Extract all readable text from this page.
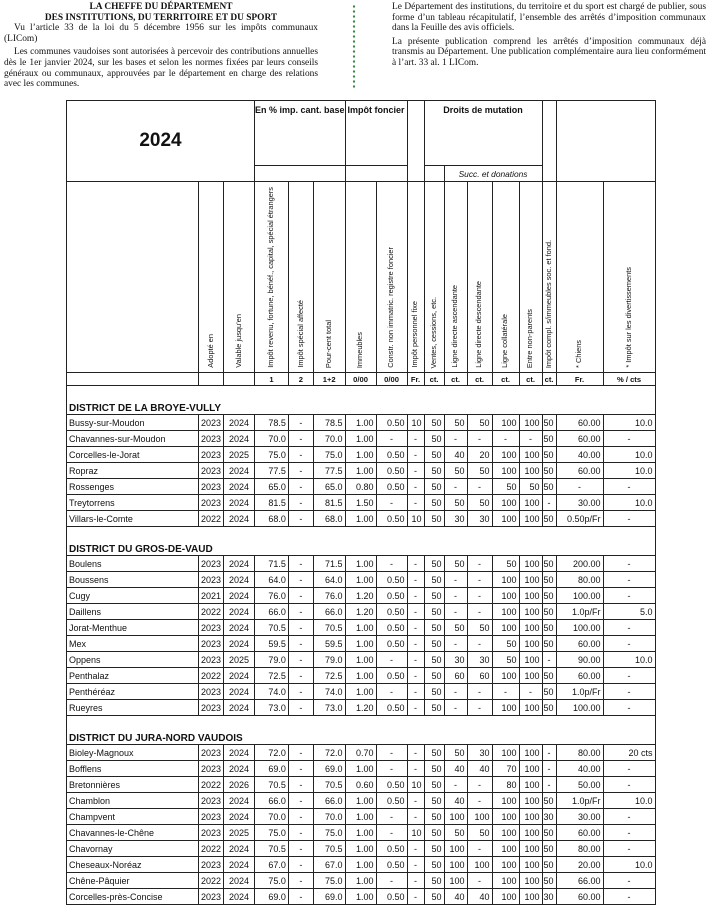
LA CHEFFE DU DÉPARTEMENT
DES INSTITUTIONS, DU TERRITOIRE ET DU SPORT

Vu l’article 33 de la loi du 5 décembre 1956 sur les impôts communaux (LICom)

Les communes vaudoises sont autorisées à percevoir des contributions annuelles dès le 1er janvier 2024, sur les bases et selon les normes fixées par leurs conseils généraux ou communaux, approuvées par le département en charge des relations avec les communes.

Le Département des institutions, du territoire et du sport est chargé de publier, sous forme d’un tableau récapitulatif, l’ensemble des arrêtés d’imposition communaux dans la Feuille des avis officiels.

La présente publication comprend les arrêtés d’imposition communaux déjà transmis au Département. Une publication complémentaire aura lieu conformément à l’art. 33 al. 1 LICom.

2024			En % imp. cant. base			Impôt foncier			Droits de mutation							
										Succ. et donations						
	Adopté en	Valable jusqu’en	Impôt revenu, fortune, bénéf., capital, spécial étrangers	Impôt spécial affecté	Pour-cent total	Immeubles	Constr. non immatric. registre foncier	Impôt personnel fixe	Ventes, cessions, etc.	Ligne directe ascendante	Ligne directe descendante	Ligne collatérale	Entre non-parents	Impôt compl. s/immeubles soc. et fond.	* Chiens	* Impôt sur les divertissements
			1	2	1+2	0/00	0/00	Fr.	ct.	ct.	ct.	ct.	ct.	ct.	Fr.	% / cts
DISTRICT DE LA BROYE-VULLY																
Bussy-sur-Moudon	2023	2024	78.5	-	78.5	1.00	0.50	10	50	50	50	100	100	50	60.00	10.0
Chavannes-sur-Moudon	2023	2024	70.0	-	70.0	1.00	-	-	50	-	-	-	-	50	60.00	-
Corcelles-le-Jorat	2023	2025	75.0	-	75.0	1.00	0.50	-	50	40	20	100	100	50	40.00	10.0
Ropraz	2023	2024	77.5	-	77.5	1.00	0.50	-	50	50	50	100	100	50	60.00	10.0
Rossenges	2023	2024	65.0	-	65.0	0.80	0.50	-	50	-	-	50	50	50	-	-
Treytorrens	2023	2024	81.5	-	81.5	1.50	-	-	50	50	50	100	100	-	30.00	10.0
Villars-le-Comte	2022	2024	68.0	-	68.0	1.00	0.50	10	50	30	30	100	100	50	0.50p/Fr	-
DISTRICT DU GROS-DE-VAUD																
Boulens	2023	2024	71.5	-	71.5	1.00	-	-	50	50	-	50	100	50	200.00	-
Boussens	2023	2024	64.0	-	64.0	1.00	0.50	-	50	-	-	100	100	50	80.00	-
Cugy	2021	2024	76.0	-	76.0	1.20	0.50	-	50	-	-	100	100	50	100.00	-
Daillens	2022	2024	66.0	-	66.0	1.20	0.50	-	50	-	-	100	100	50	1.0p/Fr	5.0
Jorat-Menthue	2023	2024	70.5	-	70.5	1.00	0.50	-	50	50	50	100	100	50	100.00	-
Mex	2023	2024	59.5	-	59.5	1.00	0.50	-	50	-	-	50	100	50	60.00	-
Oppens	2023	2025	79.0	-	79.0	1.00	-	-	50	30	30	50	100	-	90.00	10.0
Penthalaz	2022	2024	72.5	-	72.5	1.00	0.50	-	50	60	60	100	100	50	60.00	-
Penthéréaz	2023	2024	74.0	-	74.0	1.00	-	-	50	-	-	-	-	50	1.0p/Fr	-
Rueyres	2023	2024	73.0	-	73.0	1.20	0.50	-	50	-	-	100	100	50	100.00	-
DISTRICT DU JURA-NORD VAUDOIS																
Bioley-Magnoux	2023	2024	72.0	-	72.0	0.70	-	-	50	50	30	100	100	-	80.00	20 cts
Bofflens	2023	2024	69.0	-	69.0	1.00	-	-	50	40	40	70	100	-	40.00	-
Bretonnières	2022	2026	70.5	-	70.5	0.60	0.50	10	50	-	-	80	100	-	50.00	-
Chamblon	2023	2024	66.0	-	66.0	1.00	0.50	-	50	40	-	100	100	50	1.0p/Fr	10.0
Champvent	2023	2024	70.0	-	70.0	1.00	-	-	50	100	100	100	100	30	30.00	-
Chavannes-le-Chêne	2023	2025	75.0	-	75.0	1.00	-	10	50	50	50	100	100	50	60.00	-
Chavornay	2022	2024	70.5	-	70.5	1.00	0.50	-	50	100	-	100	100	50	80.00	-
Cheseaux-Noréaz	2023	2024	67.0	-	67.0	1.00	0.50	-	50	100	100	100	100	50	20.00	10.0
Chêne-Pâquier	2022	2024	75.0	-	75.0	1.00	-	-	50	100	-	100	100	50	66.00	-
Corcelles-près-Concise	2023	2024	69.0	-	69.0	1.00	0.50	-	50	40	40	100	100	30	60.00	-
